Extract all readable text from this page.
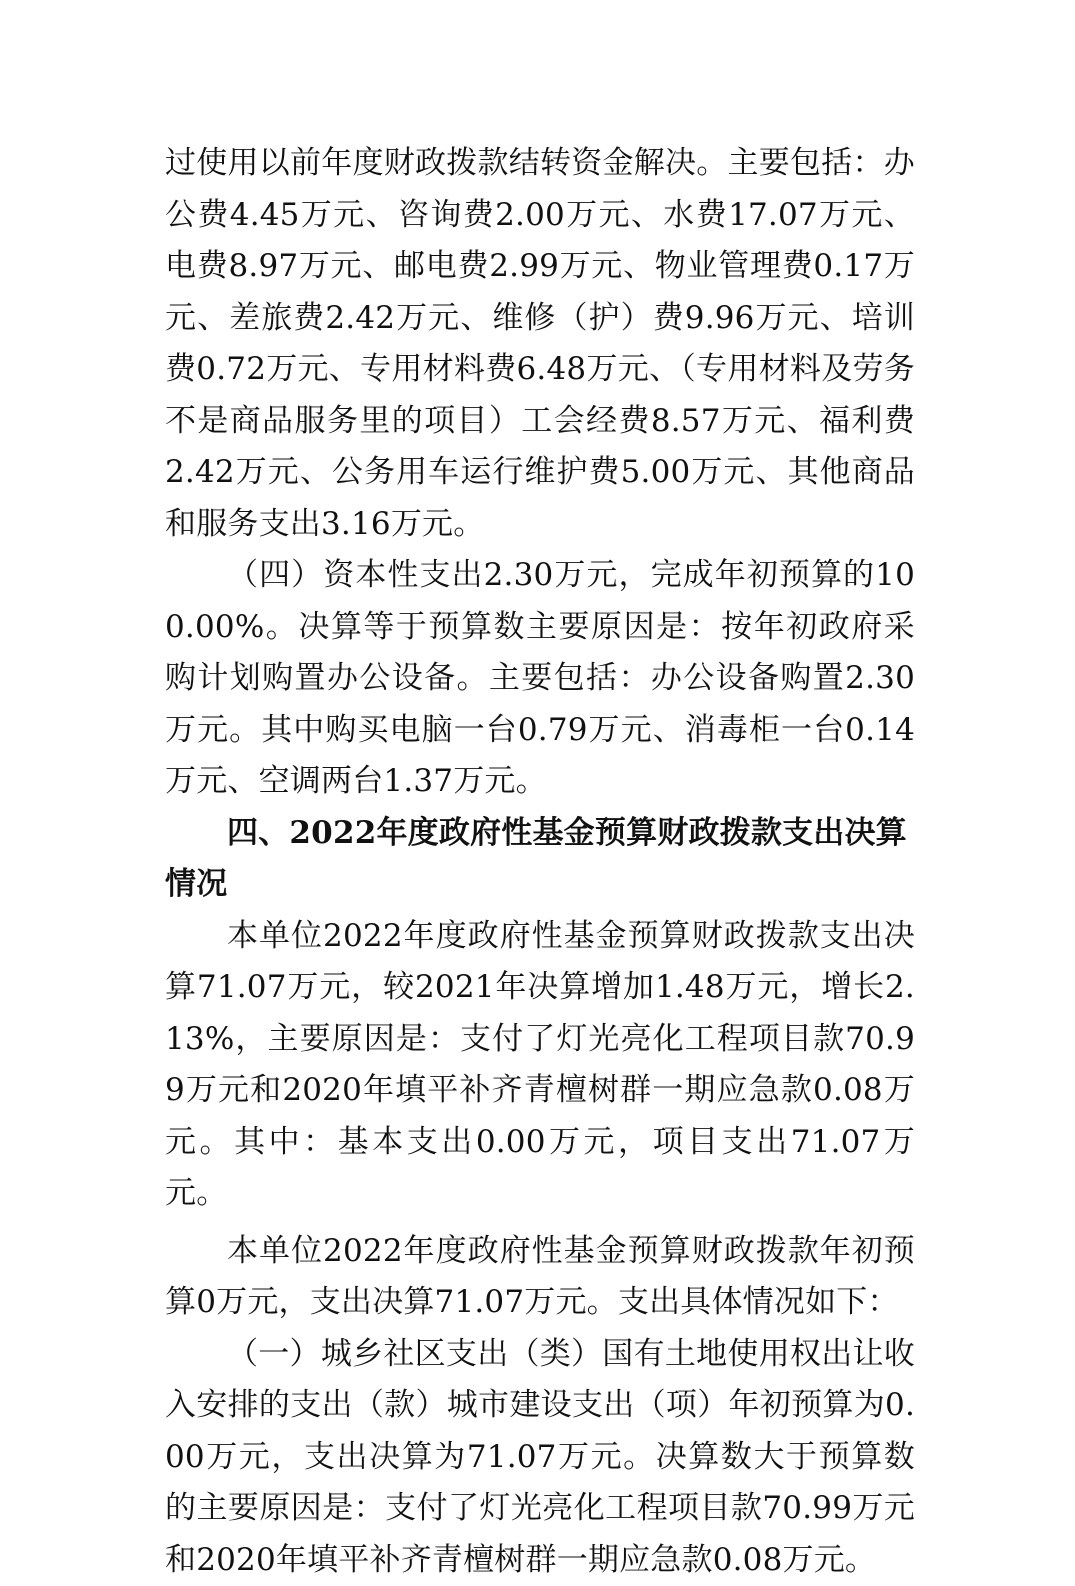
过使用以前年度财政拨款结转资金解决。主要包括：办公费4.45万元、咨询费2.00万元、水费17.07万元、电费8.97万元、邮电费2.99万元、物业管理费0.17万元、差旅费2.42万元、维修（护）费9.96万元、培训费0.72万元、专用材料费6.48万元、（专用材料及劳务不是商品服务里的项目）工会经费8.57万元、福利费2.42万元、公务用车运行维护费5.00万元、其他商品和服务支出3.16万元。

（四）资本性支出2.30万元，完成年初预算的100.00%。决算等于预算数主要原因是：按年初政府采购计划购置办公设备。主要包括：办公设备购置2.30万元。其中购买电脑一台0.79万元、消毒柜一台0.14万元、空调两台1.37万元。

四、2022年度政府性基金预算财政拨款支出决算情况

本单位2022年度政府性基金预算财政拨款支出决算71.07万元，较2021年决算增加1.48万元，增长2.13%，主要原因是：支付了灯光亮化工程项目款70.99万元和2020年填平补齐青檀树群一期应急款0.08万元。其中：基本支出0.00万元，项目支出71.07万元。

本单位2022年度政府性基金预算财政拨款年初预算0万元，支出决算71.07万元。支出具体情况如下：

（一）城乡社区支出（类）国有土地使用权出让收入安排的支出（款）城市建设支出（项）年初预算为0.00万元，支出决算为71.07万元。决算数大于预算数的主要原因是：支付了灯光亮化工程项目款70.99万元和2020年填平补齐青檀树群一期应急款0.08万元。
